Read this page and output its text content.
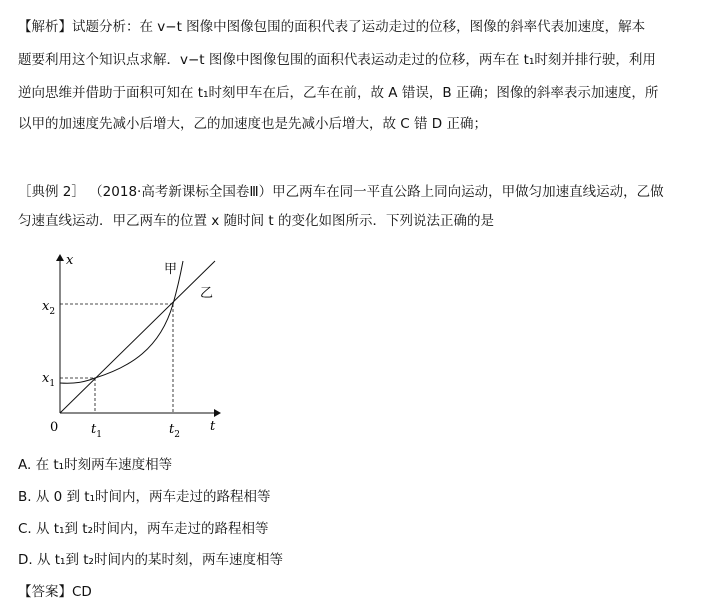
【解析】试题分析：在 v−t 图像中图像包围的面积代表了运动走过的位移，图像的斜率代表加速度，解本
题要利用这个知识点求解．v−t 图像中图像包围的面积代表运动走过的位移，两车在 t₁时刻并排行驶，利用
逆向思维并借助于面积可知在 t₁时刻甲车在后，乙车在前，故 A 错误，B 正确；图像的斜率表示加速度，所
以甲的加速度先减小后增大，乙的加速度也是先减小后增大，故 C 错 D 正确；
［典例 2］ （2018·高考新课标全国卷Ⅲ）甲乙两车在同一平直公路上同向运动，甲做匀加速直线运动，乙做
匀速直线运动．甲乙两车的位置 x 随时间 t 的变化如图所示．下列说法正确的是
x
t
0
$x_2$
$x_1$
$t_1$	$t_2$
甲
乙
A. 在 t₁时刻两车速度相等
B. 从 0 到 t₁时间内，两车走过的路程相等
C. 从 t₁到 t₂时间内，两车走过的路程相等
D. 从 t₁到 t₂时间内的某时刻，两车速度相等
【答案】CD
